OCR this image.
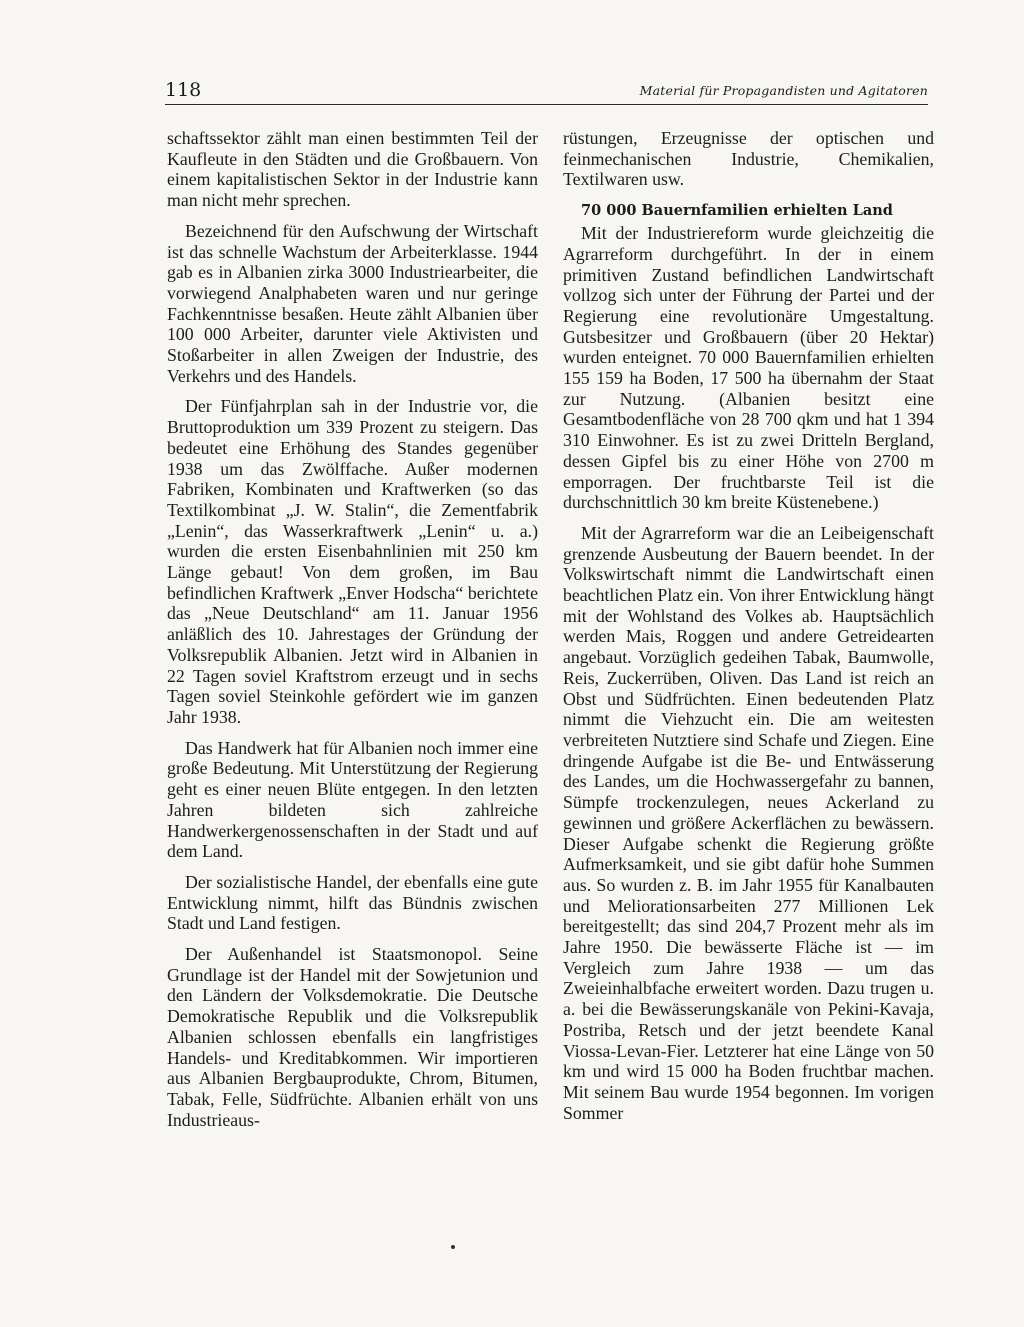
118	Material für Propagandisten und Agitatoren

schaftssektor zählt man einen bestimmten Teil der Kaufleute in den Städten und die Großbauern. Von einem kapitalistischen Sektor in der Industrie kann man nicht mehr sprechen.

Bezeichnend für den Aufschwung der Wirtschaft ist das schnelle Wachstum der Arbeiterklasse. 1944 gab es in Albanien zirka 3000 Industriearbeiter, die vorwiegend Analphabeten waren und nur geringe Fachkenntnisse besaßen. Heute zählt Albanien über 100 000 Arbeiter, darunter viele Aktivisten und Stoßarbeiter in allen Zweigen der Industrie, des Verkehrs und des Handels.

Der Fünfjahrplan sah in der Industrie vor, die Bruttoproduktion um 339 Prozent zu steigern. Das bedeutet eine Erhöhung des Standes gegenüber 1938 um das Zwölffache. Außer modernen Fabriken, Kombinaten und Kraftwerken (so das Textilkombinat „J. W. Stalin“, die Zementfabrik „Lenin“, das Wasserkraftwerk „Lenin“ u. a.) wurden die ersten Eisenbahnlinien mit 250 km Länge gebaut! Von dem großen, im Bau befindlichen Kraftwerk „Enver Hodscha“ berichtete das „Neue Deutschland“ am 11. Januar 1956 anläßlich des 10. Jahrestages der Gründung der Volksrepublik Albanien. Jetzt wird in Albanien in 22 Tagen soviel Kraftstrom erzeugt und in sechs Tagen soviel Steinkohle gefördert wie im ganzen Jahr 1938.

Das Handwerk hat für Albanien noch immer eine große Bedeutung. Mit Unterstützung der Regierung geht es einer neuen Blüte entgegen. In den letzten Jahren bildeten sich zahlreiche Handwerkergenossenschaften in der Stadt und auf dem Land.

Der sozialistische Handel, der ebenfalls eine gute Entwicklung nimmt, hilft das Bündnis zwischen Stadt und Land festigen.

Der Außenhandel ist Staatsmonopol. Seine Grundlage ist der Handel mit der Sowjetunion und den Ländern der Volksdemokratie. Die Deutsche Demokratische Republik und die Volksrepublik Albanien schlossen ebenfalls ein langfristiges Handels- und Kreditabkommen. Wir importieren aus Albanien Bergbauprodukte, Chrom, Bitumen, Tabak, Felle, Südfrüchte. Albanien erhält von uns Industrieaus-

rüstungen, Erzeugnisse der optischen und feinmechanischen Industrie, Chemikalien, Textilwaren usw.

70 000 Bauernfamilien erhielten Land

Mit der Industriereform wurde gleichzeitig die Agrarreform durchgeführt. In der in einem primitiven Zustand befindlichen Landwirtschaft vollzog sich unter der Führung der Partei und der Regierung eine revolutionäre Umgestaltung. Gutsbesitzer und Großbauern (über 20 Hektar) wurden enteignet. 70 000 Bauernfamilien erhielten 155 159 ha Boden, 17 500 ha übernahm der Staat zur Nutzung. (Albanien besitzt eine Gesamtbodenfläche von 28 700 qkm und hat 1 394 310 Einwohner. Es ist zu zwei Dritteln Bergland, dessen Gipfel bis zu einer Höhe von 2700 m emporragen. Der fruchtbarste Teil ist die durchschnittlich 30 km breite Küstenebene.)

Mit der Agrarreform war die an Leibeigenschaft grenzende Ausbeutung der Bauern beendet. In der Volkswirtschaft nimmt die Landwirtschaft einen beachtlichen Platz ein. Von ihrer Entwicklung hängt mit der Wohlstand des Volkes ab. Hauptsächlich werden Mais, Roggen und andere Getreidearten angebaut. Vorzüglich gedeihen Tabak, Baumwolle, Reis, Zuckerrüben, Oliven. Das Land ist reich an Obst und Südfrüchten. Einen bedeutenden Platz nimmt die Viehzucht ein. Die am weitesten verbreiteten Nutztiere sind Schafe und Ziegen. Eine dringende Aufgabe ist die Be- und Entwässerung des Landes, um die Hochwassergefahr zu bannen, Sümpfe trockenzulegen, neues Ackerland zu gewinnen und größere Ackerflächen zu bewässern. Dieser Aufgabe schenkt die Regierung größte Aufmerksamkeit, und sie gibt dafür hohe Summen aus. So wurden z. B. im Jahr 1955 für Kanalbauten und Meliorationsarbeiten 277 Millionen Lek bereitgestellt; das sind 204,7 Prozent mehr als im Jahre 1950. Die bewässerte Fläche ist — im Vergleich zum Jahre 1938 — um das Zweieinhalbfache erweitert worden. Dazu trugen u. a. bei die Bewässerungskanäle von Pekini-Kavaja, Postriba, Retsch und der jetzt beendete Kanal Viossa-Levan-Fier. Letzterer hat eine Länge von 50 km und wird 15 000 ha Boden fruchtbar machen. Mit seinem Bau wurde 1954 begonnen. Im vorigen Sommer
